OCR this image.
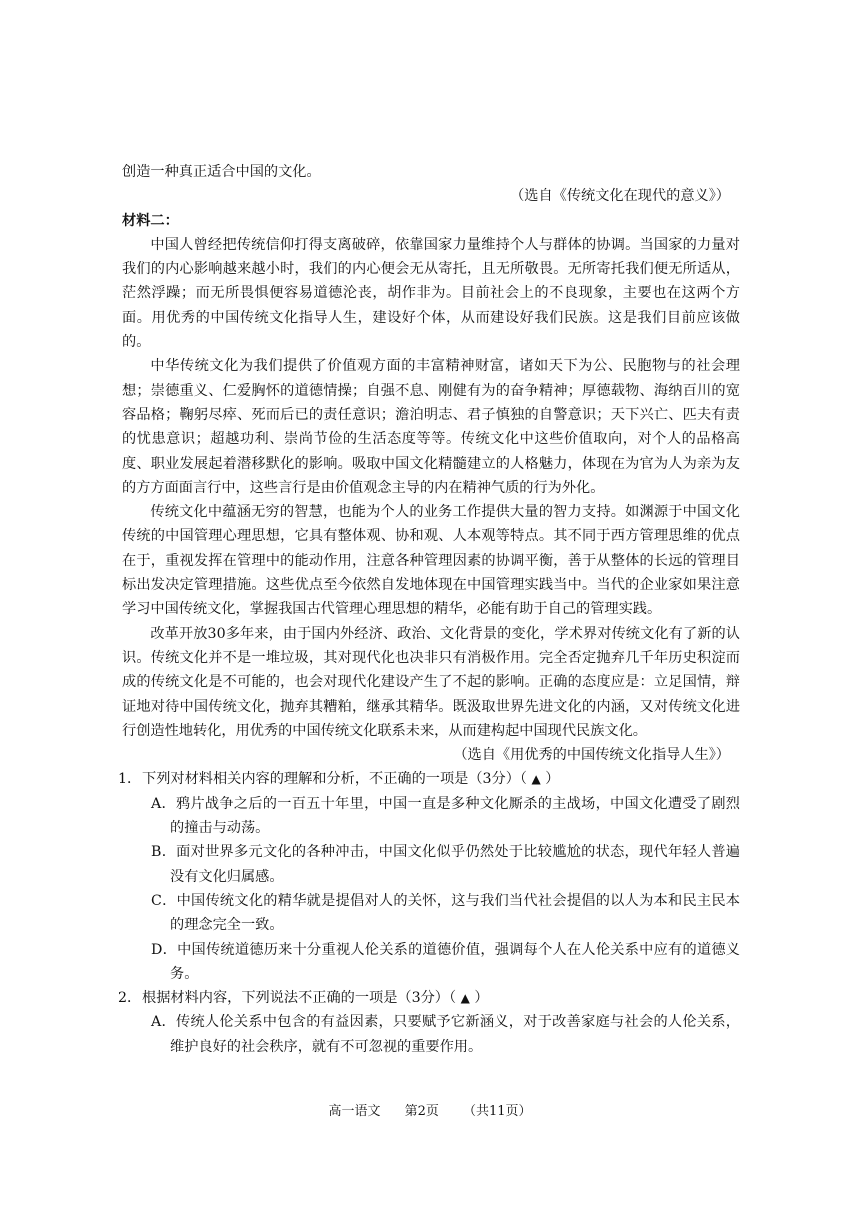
创造一种真正适合中国的文化。

（选自《传统文化在现代的意义》）

材料二：

中国人曾经把传统信仰打得支离破碎，依靠国家力量维持个人与群体的协调。当国家的力量对我们的内心影响越来越小时，我们的内心便会无从寄托，且无所敬畏。无所寄托我们便无所适从，茫然浮躁；而无所畏惧便容易道德沦丧，胡作非为。目前社会上的不良现象，主要也在这两个方面。用优秀的中国传统文化指导人生，建设好个体，从而建设好我们民族。这是我们目前应该做的。

中华传统文化为我们提供了价值观方面的丰富精神财富，诸如天下为公、民胞物与的社会理想；崇德重义、仁爱胸怀的道德情操；自强不息、刚健有为的奋争精神；厚德载物、海纳百川的宽容品格；鞠躬尽瘁、死而后已的责任意识；澹泊明志、君子慎独的自警意识；天下兴亡、匹夫有责的忧患意识；超越功利、崇尚节俭的生活态度等等。传统文化中这些价值取向，对个人的品格高度、职业发展起着潜移默化的影响。吸取中国文化精髓建立的人格魅力，体现在为官为人为亲为友的方方面面言行中，这些言行是由价值观念主导的内在精神气质的行为外化。

传统文化中蕴涵无穷的智慧，也能为个人的业务工作提供大量的智力支持。如渊源于中国文化传统的中国管理心理思想，它具有整体观、协和观、人本观等特点。其不同于西方管理思维的优点在于，重视发挥在管理中的能动作用，注意各种管理因素的协调平衡，善于从整体的长远的管理目标出发决定管理措施。这些优点至今依然自发地体现在中国管理实践当中。当代的企业家如果注意学习中国传统文化，掌握我国古代管理心理思想的精华，必能有助于自己的管理实践。

改革开放30多年来，由于国内外经济、政治、文化背景的变化，学术界对传统文化有了新的认识。传统文化并不是一堆垃圾，其对现代化也决非只有消极作用。完全否定抛弃几千年历史积淀而成的传统文化是不可能的，也会对现代化建设产生了不起的影响。正确的态度应是：立足国情，辩证地对待中国传统文化，抛弃其糟粕，继承其精华。既汲取世界先进文化的内涵，又对传统文化进行创造性地转化，用优秀的中国传统文化联系未来，从而建构起中国现代民族文化。

（选自《用优秀的中国传统文化指导人生》）

1．下列对材料相关内容的理解和分析，不正确的一项是（3分）（ ▲ ）

A．鸦片战争之后的一百五十年里，中国一直是多种文化厮杀的主战场，中国文化遭受了剧烈的撞击与动荡。

B．面对世界多元文化的各种冲击，中国文化似乎仍然处于比较尴尬的状态，现代年轻人普遍没有文化归属感。

C．中国传统文化的精华就是提倡对人的关怀，这与我们当代社会提倡的以人为本和民主民本的理念完全一致。

D．中国传统道德历来十分重视人伦关系的道德价值，强调每个人在人伦关系中应有的道德义务。

2．根据材料内容，下列说法不正确的一项是（3分）（ ▲ ）

A．传统人伦关系中包含的有益因素，只要赋予它新涵义，对于改善家庭与社会的人伦关系，维护良好的社会秩序，就有不可忽视的重要作用。

高一语文 第2页 （共11页）
